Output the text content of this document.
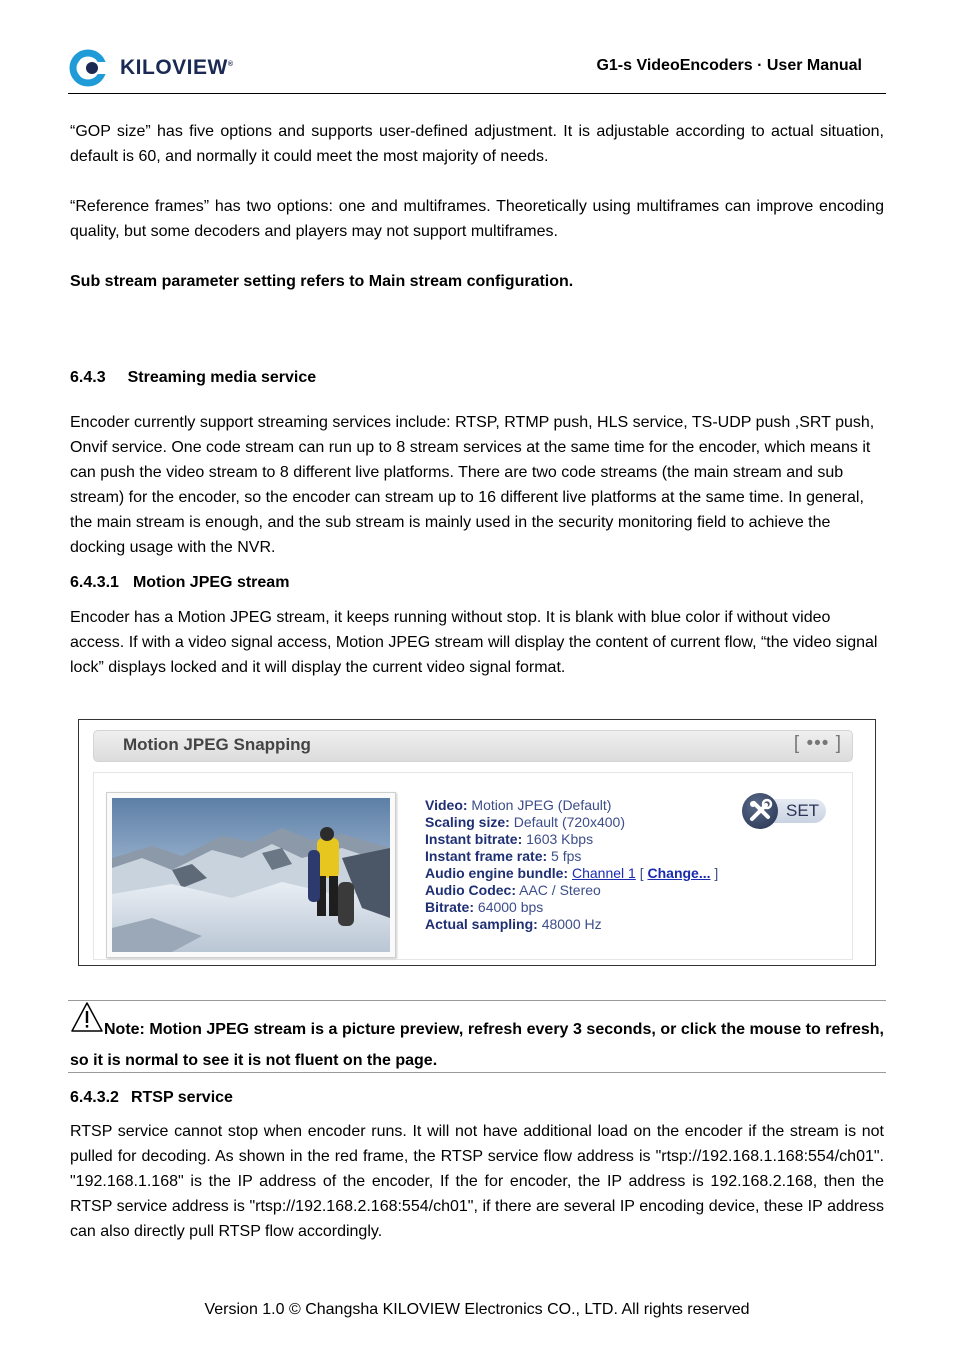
KILOVIEW®	G1-s VideoEncoders · User Manual

“GOP size” has five options and supports user-defined adjustment. It is adjustable according to actual situation, default is 60, and normally it could meet the most majority of needs.

“Reference frames” has two options: one and multiframes. Theoretically using multiframes can improve encoding quality, but some decoders and players may not support multiframes.

Sub stream parameter setting refers to Main stream configuration.

6.4.3 Streaming media service

Encoder currently support streaming services include: RTSP, RTMP push, HLS service, TS-UDP push ,SRT push, Onvif service. One code stream can run up to 8 stream services at the same time for the encoder, which means it can push the video stream to 8 different live platforms. There are two code streams (the main stream and sub stream) for the encoder, so the encoder can stream up to 16 different live platforms at the same time. In general, the main stream is enough, and the sub stream is mainly used in the security monitoring field to achieve the docking usage with the NVR.

6.4.3.1 Motion JPEG stream

Encoder has a Motion JPEG stream, it keeps running without stop. It is blank with blue color if without video access. If with a video signal access, Motion JPEG stream will display the content of current flow, “the video signal lock” displays locked and it will display the current video signal format.

Motion JPEG Snapping	[ ••• ]
Video: Motion JPEG (Default)
Scaling size: Default (720x400)
Instant bitrate: 1603 Kbps
Instant frame rate: 5 fps
Audio engine bundle: Channel 1 [ Change... ]
Audio Codec: AAC / Stereo
Bitrate: 64000 bps
Actual sampling: 48000 Hz
SET
Note: Motion JPEG stream is a picture preview, refresh every 3 seconds, or click the mouse to refresh, so it is normal to see it is not fluent on the page.
6.4.3.2 RTSP service

RTSP service cannot stop when encoder runs. It will not have additional load on the encoder if the stream is not pulled for decoding. As shown in the red frame, the RTSP service flow address is "rtsp://192.168.1.168:554/ch01". "192.168.1.168" is the IP address of the encoder, If the for encoder, the IP address is 192.168.2.168, then the RTSP service address is "rtsp://192.168.2.168:554/ch01", if there are several IP encoding device, these IP address can also directly pull RTSP flow accordingly.

Version 1.0 © Changsha KILOVIEW Electronics CO., LTD. All rights reserved
